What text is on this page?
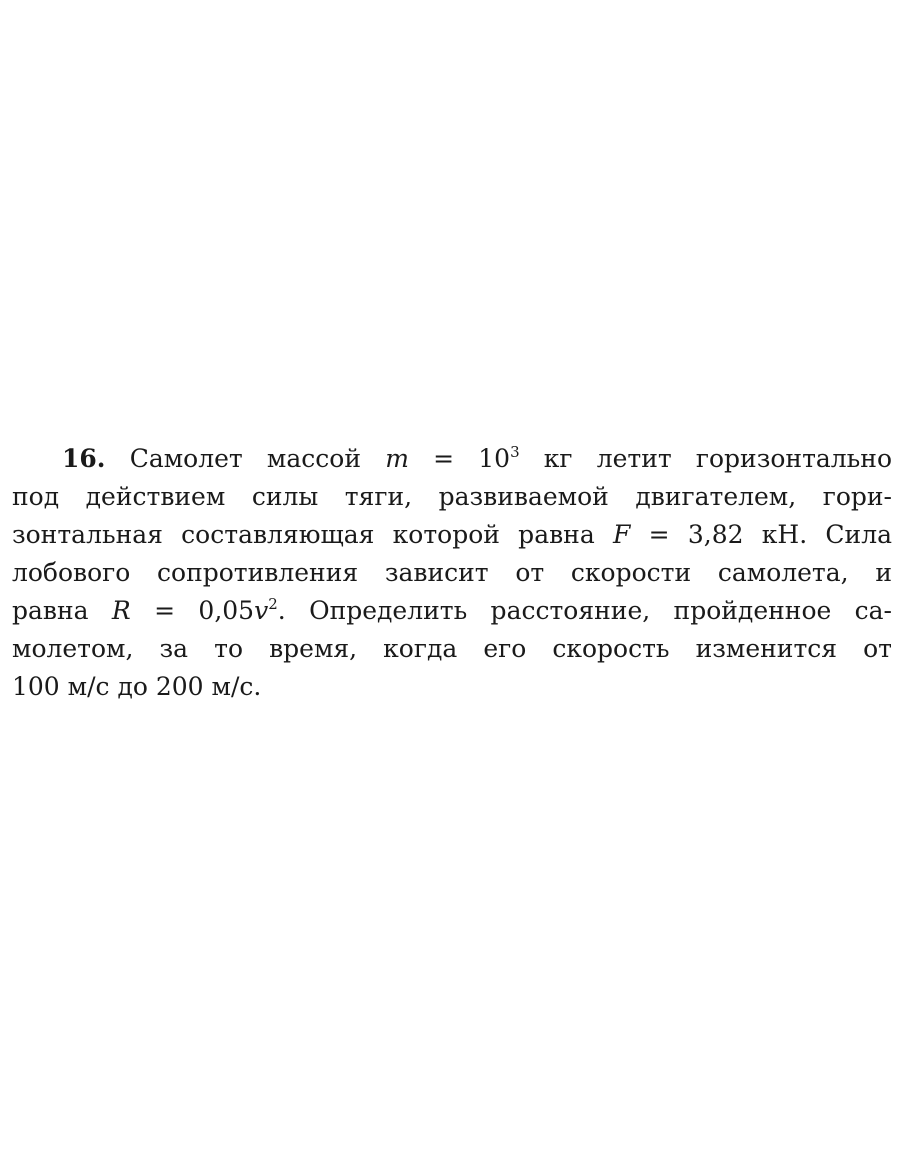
16. Самолет массой $m = 10^3$ кг летит горизонтально
под действием силы тяги, развиваемой двигателем, гори-
зонтальная составляющая которой равна F = 3,82 кН. Сила
лобового сопротивления зависит от скорости самолета, и
равна $R = 0,05v^2$. Определить расстояние, пройденное са-
молетом, за то время, когда его скорость изменится от
100 м/с до 200 м/с.
